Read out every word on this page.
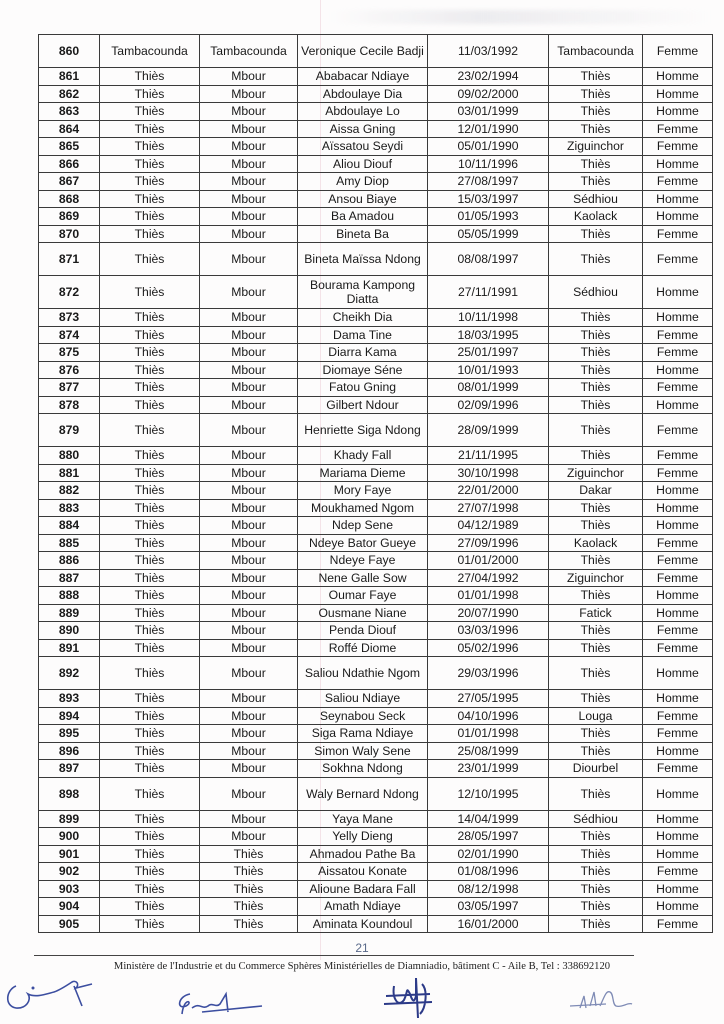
860	Tambacounda	Tambacounda	Veronique Cecile Badji	11/03/1992	Tambacounda	Femme
861	Thiès	Mbour	Ababacar Ndiaye	23/02/1994	Thiès	Homme
862	Thiès	Mbour	Abdoulaye Dia	09/02/2000	Thiès	Homme
863	Thiès	Mbour	Abdoulaye Lo	03/01/1999	Thiès	Homme
864	Thiès	Mbour	Aissa Gning	12/01/1990	Thiès	Femme
865	Thiès	Mbour	Aïssatou Seydi	05/01/1990	Ziguinchor	Femme
866	Thiès	Mbour	Aliou Diouf	10/11/1996	Thiès	Homme
867	Thiès	Mbour	Amy Diop	27/08/1997	Thiès	Femme
868	Thiès	Mbour	Ansou Biaye	15/03/1997	Sédhiou	Homme
869	Thiès	Mbour	Ba Amadou	01/05/1993	Kaolack	Homme
870	Thiès	Mbour	Bineta Ba	05/05/1999	Thiès	Femme
871	Thiès	Mbour	Bineta Maïssa Ndong	08/08/1997	Thiès	Femme
872	Thiès	Mbour	Bourama Kampong Diatta	27/11/1991	Sédhiou	Homme
873	Thiès	Mbour	Cheikh Dia	10/11/1998	Thiès	Homme
874	Thiès	Mbour	Dama Tine	18/03/1995	Thiès	Femme
875	Thiès	Mbour	Diarra Kama	25/01/1997	Thiès	Femme
876	Thiès	Mbour	Diomaye Séne	10/01/1993	Thiès	Homme
877	Thiès	Mbour	Fatou Gning	08/01/1999	Thiès	Femme
878	Thiès	Mbour	Gilbert Ndour	02/09/1996	Thiès	Homme
879	Thiès	Mbour	Henriette Siga Ndong	28/09/1999	Thiès	Femme
880	Thiès	Mbour	Khady Fall	21/11/1995	Thiès	Femme
881	Thiès	Mbour	Mariama Dieme	30/10/1998	Ziguinchor	Femme
882	Thiès	Mbour	Mory Faye	22/01/2000	Dakar	Homme
883	Thiès	Mbour	Moukhamed Ngom	27/07/1998	Thiès	Homme
884	Thiès	Mbour	Ndep Sene	04/12/1989	Thiès	Homme
885	Thiès	Mbour	Ndeye Bator Gueye	27/09/1996	Kaolack	Femme
886	Thiès	Mbour	Ndeye Faye	01/01/2000	Thiès	Femme
887	Thiès	Mbour	Nene Galle Sow	27/04/1992	Ziguinchor	Femme
888	Thiès	Mbour	Oumar Faye	01/01/1998	Thiès	Homme
889	Thiès	Mbour	Ousmane Niane	20/07/1990	Fatick	Homme
890	Thiès	Mbour	Penda Diouf	03/03/1996	Thiès	Femme
891	Thiès	Mbour	Roffé Diome	05/02/1996	Thiès	Femme
892	Thiès	Mbour	Saliou Ndathie Ngom	29/03/1996	Thiès	Homme
893	Thiès	Mbour	Saliou Ndiaye	27/05/1995	Thiès	Homme
894	Thiès	Mbour	Seynabou Seck	04/10/1996	Louga	Femme
895	Thiès	Mbour	Siga Rama Ndiaye	01/01/1998	Thiès	Femme
896	Thiès	Mbour	Simon Waly Sene	25/08/1999	Thiès	Homme
897	Thiès	Mbour	Sokhna Ndong	23/01/1999	Diourbel	Femme
898	Thiès	Mbour	Waly Bernard Ndong	12/10/1995	Thiès	Homme
899	Thiès	Mbour	Yaya Mane	14/04/1999	Sédhiou	Homme
900	Thiès	Mbour	Yelly Dieng	28/05/1997	Thiès	Homme
901	Thiès	Thiès	Ahmadou Pathe Ba	02/01/1990	Thiès	Homme
902	Thiès	Thiès	Aissatou Konate	01/08/1996	Thiès	Femme
903	Thiès	Thiès	Alioune Badara Fall	08/12/1998	Thiès	Homme
904	Thiès	Thiès	Amath Ndiaye	03/05/1997	Thiès	Homme
905	Thiès	Thiès	Aminata Koundoul	16/01/2000	Thiès	Femme
21
Ministère de l'Industrie et du Commerce Sphères Ministérielles de Diamniadio, bâtiment C - Aile B, Tel : 338692120
